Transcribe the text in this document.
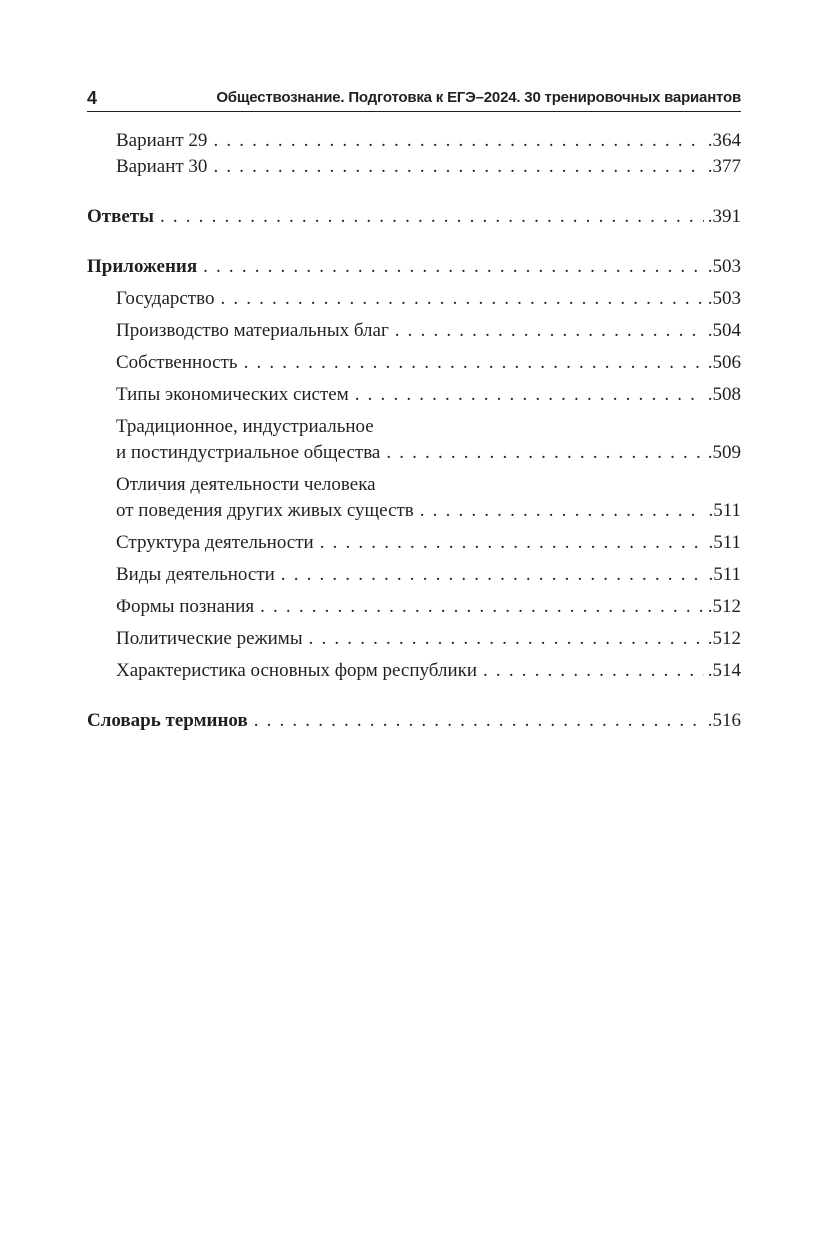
4	Обществознание. Подготовка к ЕГЭ–2024. 30 тренировочных вариантов
Вариант 29 . . .	.364
Вариант 30 . . .	.377
Ответы . . .	.391
Приложения . . .	.503
Государство . . .	.503
Производство материальных благ . . .	.504
Собственность . . .	.506
Типы экономических систем . . .	.508
Традиционное, индустриальное
и постиндустриальное общества . . .	.509
Отличия деятельности человека
от поведения других живых существ . . .	.511
Структура деятельности . . .	.511
Виды деятельности . . .	.511
Формы познания . . .	.512
Политические режимы . . .	.512
Характеристика основных форм республики . . .	.514
Словарь терминов . . .	.516
